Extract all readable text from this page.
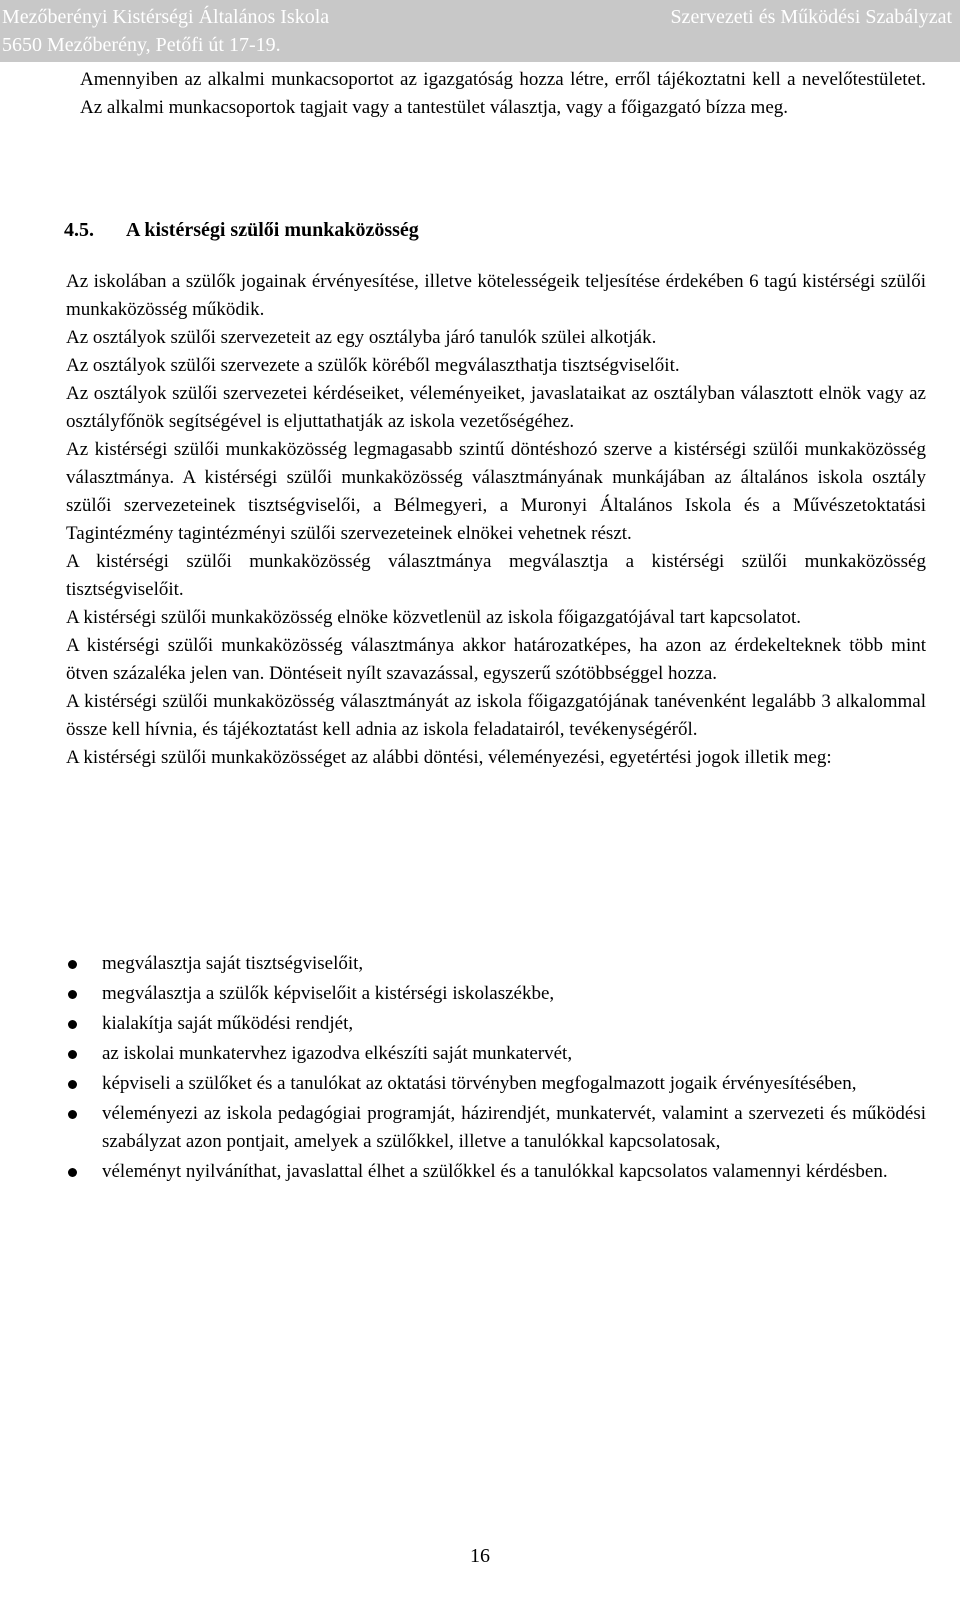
Mezőberényi Kistérségi Általános Iskola
5650 Mezőberény, Petőfi út 17-19.
Szervezeti és Működési Szabályzat
Amennyiben az alkalmi munkacsoportot az igazgatóság hozza létre, erről tájékoztatni kell a nevelőtestületet. Az alkalmi munkacsoportok tagjait vagy a tantestület választja, vagy a főigazgató bízza meg.
4.5. A kistérségi szülői munkaközösség

Az iskolában a szülők jogainak érvényesítése, illetve kötelességeik teljesítése érdekében 6 tagú kistérségi szülői munkaközösség működik.

Az osztályok szülői szervezeteit az egy osztályba járó tanulók szülei alkotják.

Az osztályok szülői szervezete a szülők köréből megválaszthatja tisztségviselőit.

Az osztályok szülői szervezetei kérdéseiket, véleményeiket, javaslataikat az osztályban választott elnök vagy az osztályfőnök segítségével is eljuttathatják az iskola vezetőségéhez.

Az kistérségi szülői munkaközösség legmagasabb szintű döntéshozó szerve a kistérségi szülői munkaközösség választmánya. A kistérségi szülői munkaközösség választmányának munkájában az általános iskola osztály szülői szervezeteinek tisztségviselői, a Bélmegyeri, a Muronyi Általános Iskola és a Művészetoktatási Tagintézmény tagintézményi szülői szervezeteinek elnökei vehetnek részt.

A kistérségi szülői munkaközösség választmánya megválasztja a kistérségi szülői munkaközösség tisztségviselőit.

A kistérségi szülői munkaközösség elnöke közvetlenül az iskola főigazgatójával tart kapcsolatot.

A kistérségi szülői munkaközösség választmánya akkor határozatképes, ha azon az érdekelteknek több mint ötven százaléka jelen van. Döntéseit nyílt szavazással, egyszerű szótöbbséggel hozza.

A kistérségi szülői munkaközösség választmányát az iskola főigazgatójának tanévenként legalább 3 alkalommal össze kell hívnia, és tájékoztatást kell adnia az iskola feladatairól, tevékenységéről.

A kistérségi szülői munkaközösséget az alábbi döntési, véleményezési, egyetértési jogok illetik meg:

megválasztja saját tisztségviselőit,
megválasztja a szülők képviselőit a kistérségi iskolaszékbe,
kialakítja saját működési rendjét,
az iskolai munkatervhez igazodva elkészíti saját munkatervét,
képviseli a szülőket és a tanulókat az oktatási törvényben megfogalmazott jogaik érvényesítésében,
véleményezi az iskola pedagógiai programját, házirendjét, munkatervét, valamint a szervezeti és működési szabályzat azon pontjait, amelyek a szülőkkel, illetve a tanulókkal kapcsolatosak,
véleményt nyilváníthat, javaslattal élhet a szülőkkel és a tanulókkal kapcsolatos valamennyi kérdésben.
16
